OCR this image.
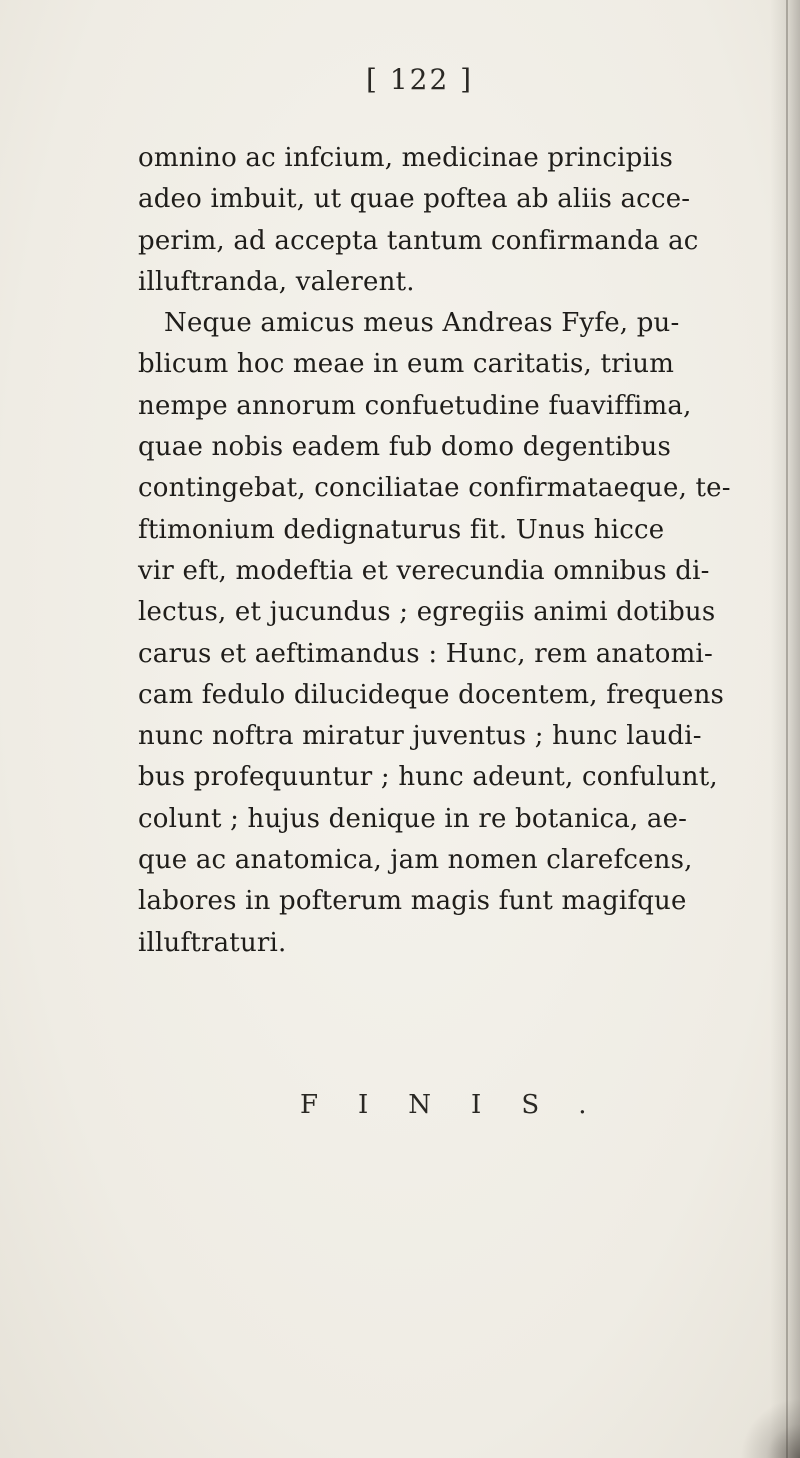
[ 122 ]
omnino ac infcium, medicinae principiis
adeo imbuit, ut quae poftea ab aliis acce-
perim, ad accepta tantum confirmanda ac
illuftranda, valerent.
Neque amicus meus Andreas Fyfe, pu-
blicum hoc meae in eum caritatis, trium
nempe annorum confuetudine fuaviffima,
quae nobis eadem fub domo degentibus
contingebat, conciliatae confirmataeque, te-
ftimonium dedignaturus fit. Unus hicce
vir eft, modeftia et verecundia omnibus di-
lectus, et jucundus ; egregiis animi dotibus
carus et aeftimandus : Hunc, rem anatomi-
cam fedulo dilucideque docentem, frequens
nunc noftra miratur juventus ; hunc laudi-
bus profequuntur ; hunc adeunt, confulunt,
colunt ; hujus denique in re botanica, ae-
que ac anatomica, jam nomen clarefcens,
labores in pofterum magis funt magifque
illuftraturi.
FINIS.
